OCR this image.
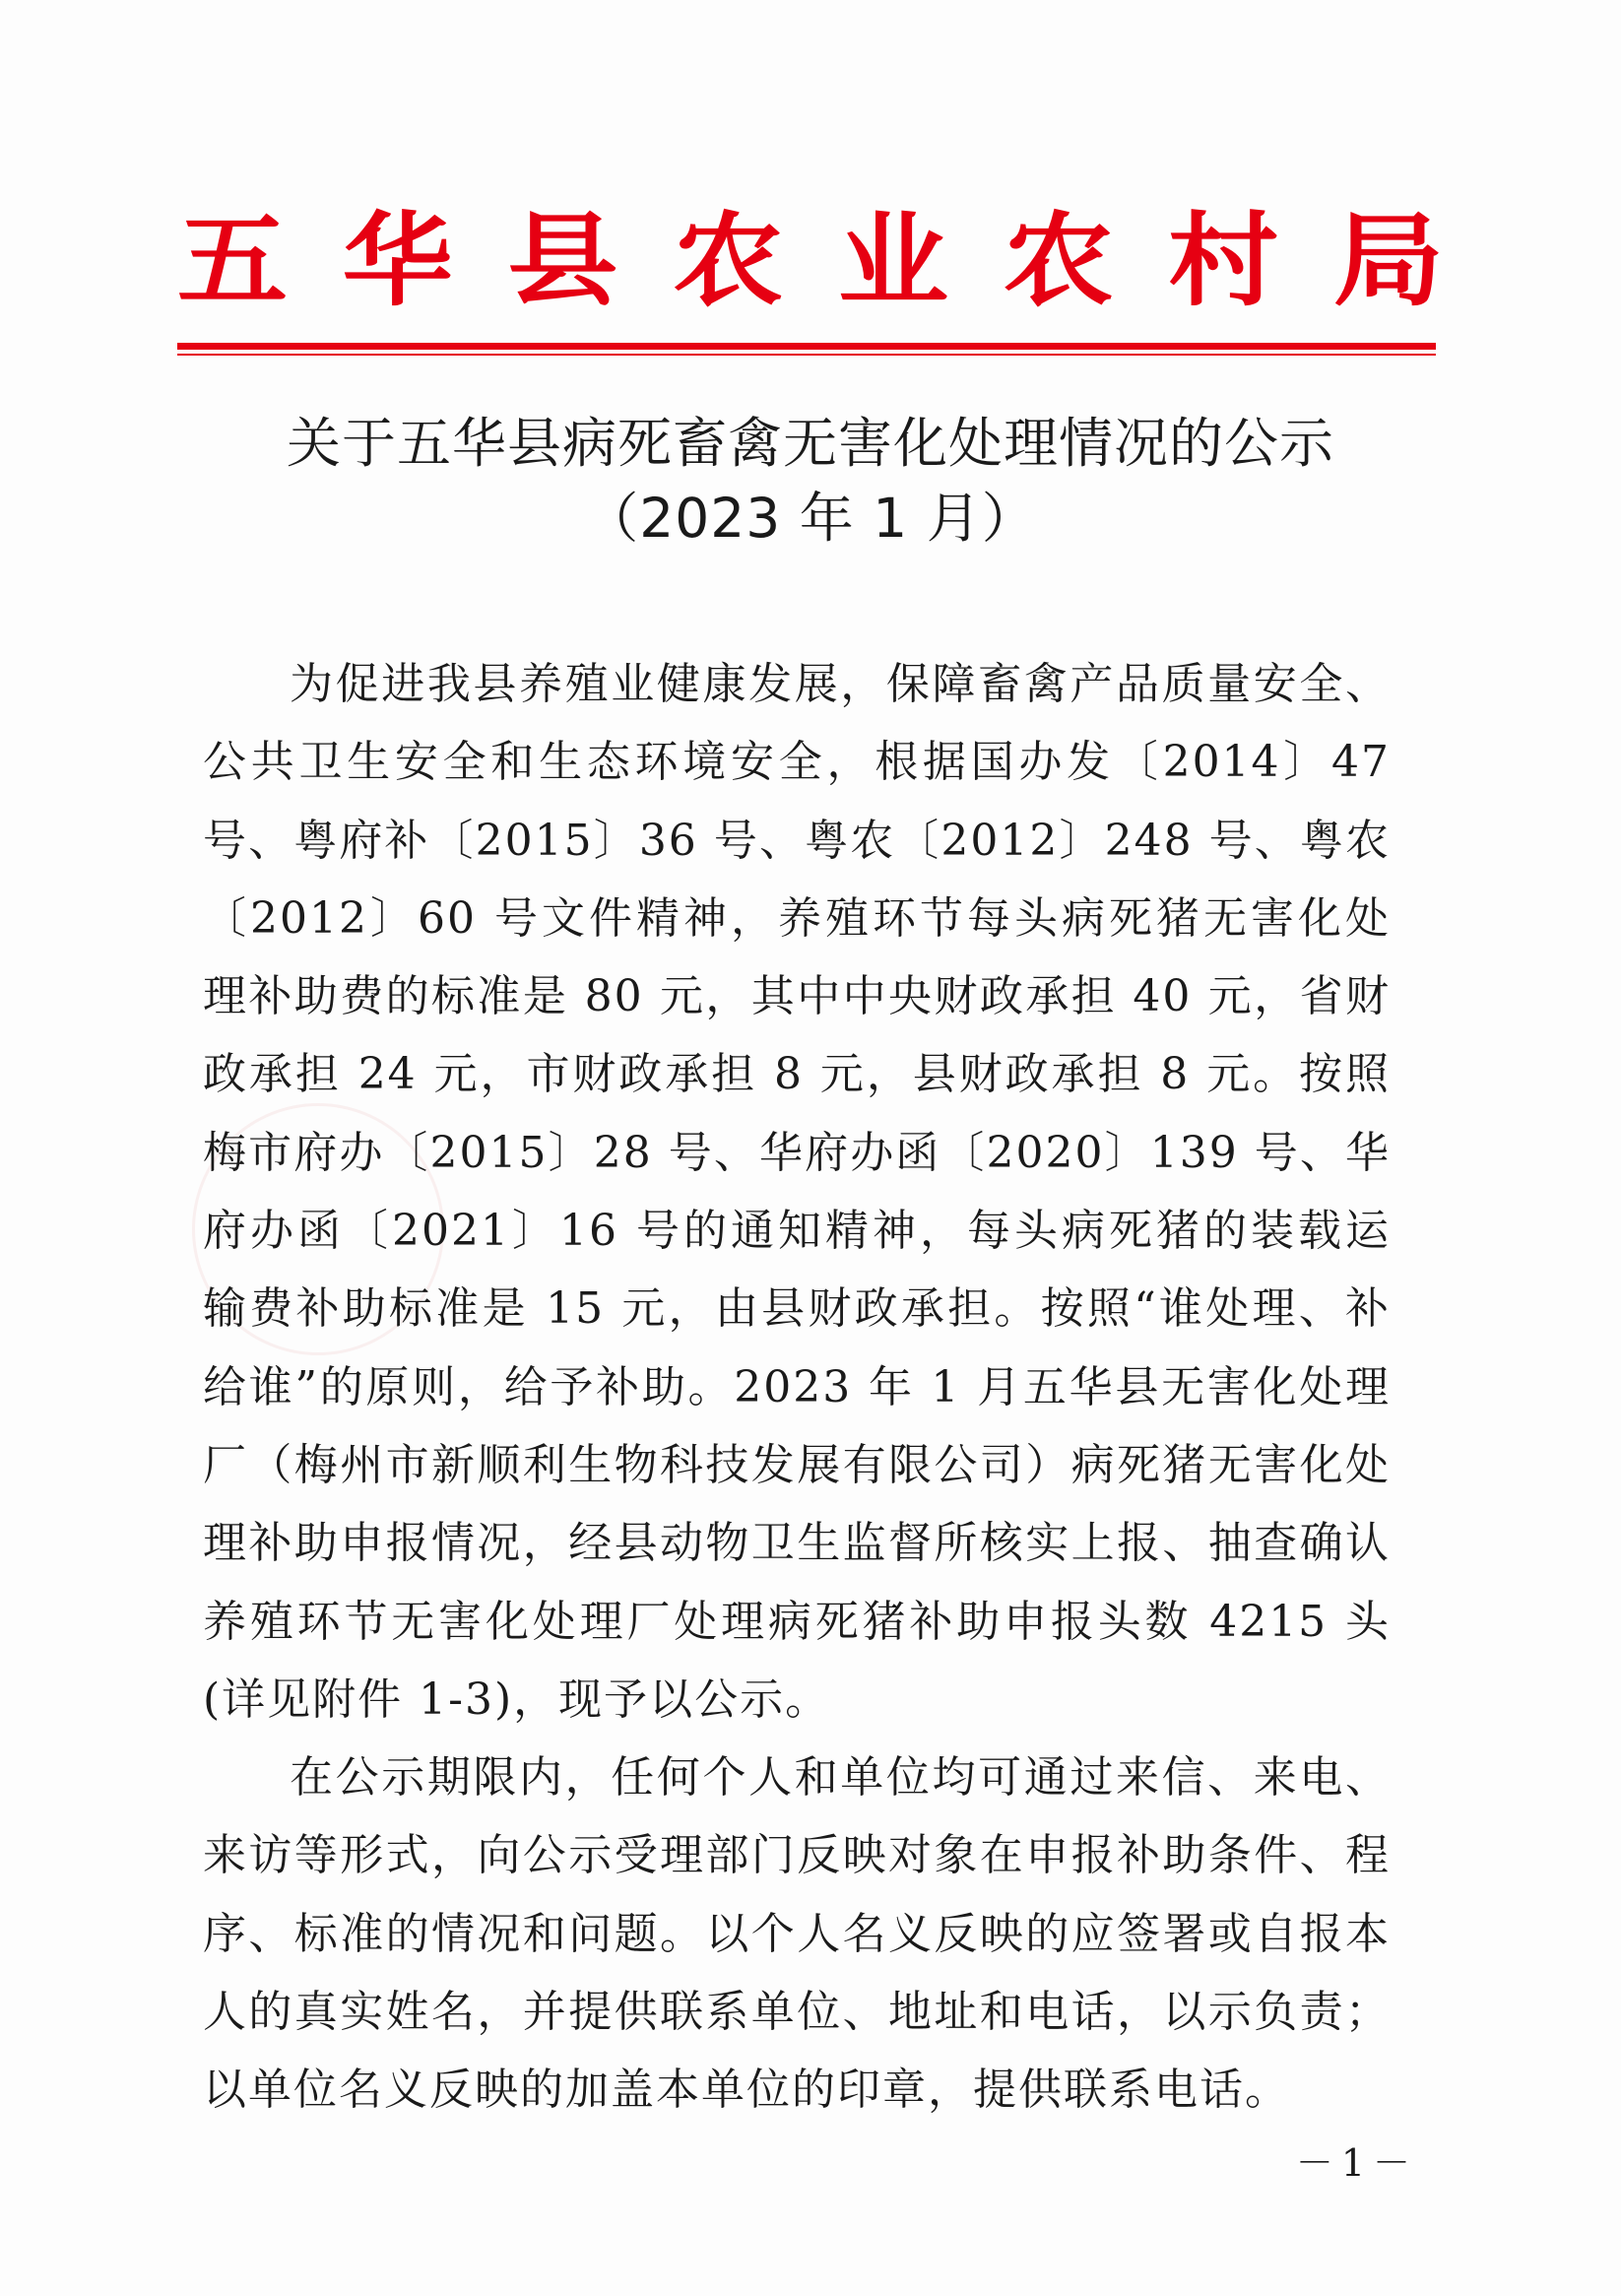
五 华 县 农 业 农 村 局
关于五华县病死畜禽无害化处理情况的公示
（2023 年 1 月）

为促进我县养殖业健康发展，保障畜禽产品质量安全、公共卫生安全和生态环境安全，根据国办发〔2014〕47 号、粤府补〔2015〕36 号、粤农〔2012〕248 号、粤农〔2012〕60 号文件精神，养殖环节每头病死猪无害化处理补助费的标准是 80 元，其中中央财政承担 40 元，省财政承担 24 元，市财政承担 8 元，县财政承担 8 元。按照梅市府办〔2015〕28 号、华府办函〔2020〕139 号、华府办函〔2021〕16 号的通知精神，每头病死猪的装载运输费补助标准是 15 元，由县财政承担。按照“谁处理、补给谁”的原则，给予补助。2023 年 1 月五华县无害化处理厂（梅州市新顺利生物科技发展有限公司）病死猪无害化处理补助申报情况，经县动物卫生监督所核实上报、抽查确认养殖环节无害化处理厂处理病死猪补助申报头数 4215 头(详见附件 1-3)，现予以公示。

在公示期限内，任何个人和单位均可通过来信、来电、来访等形式，向公示受理部门反映对象在申报补助条件、程序、标准的情况和问题。以个人名义反映的应签署或自报本人的真实姓名，并提供联系单位、地址和电话，以示负责；以单位名义反映的加盖本单位的印章，提供联系电话。

－1－
